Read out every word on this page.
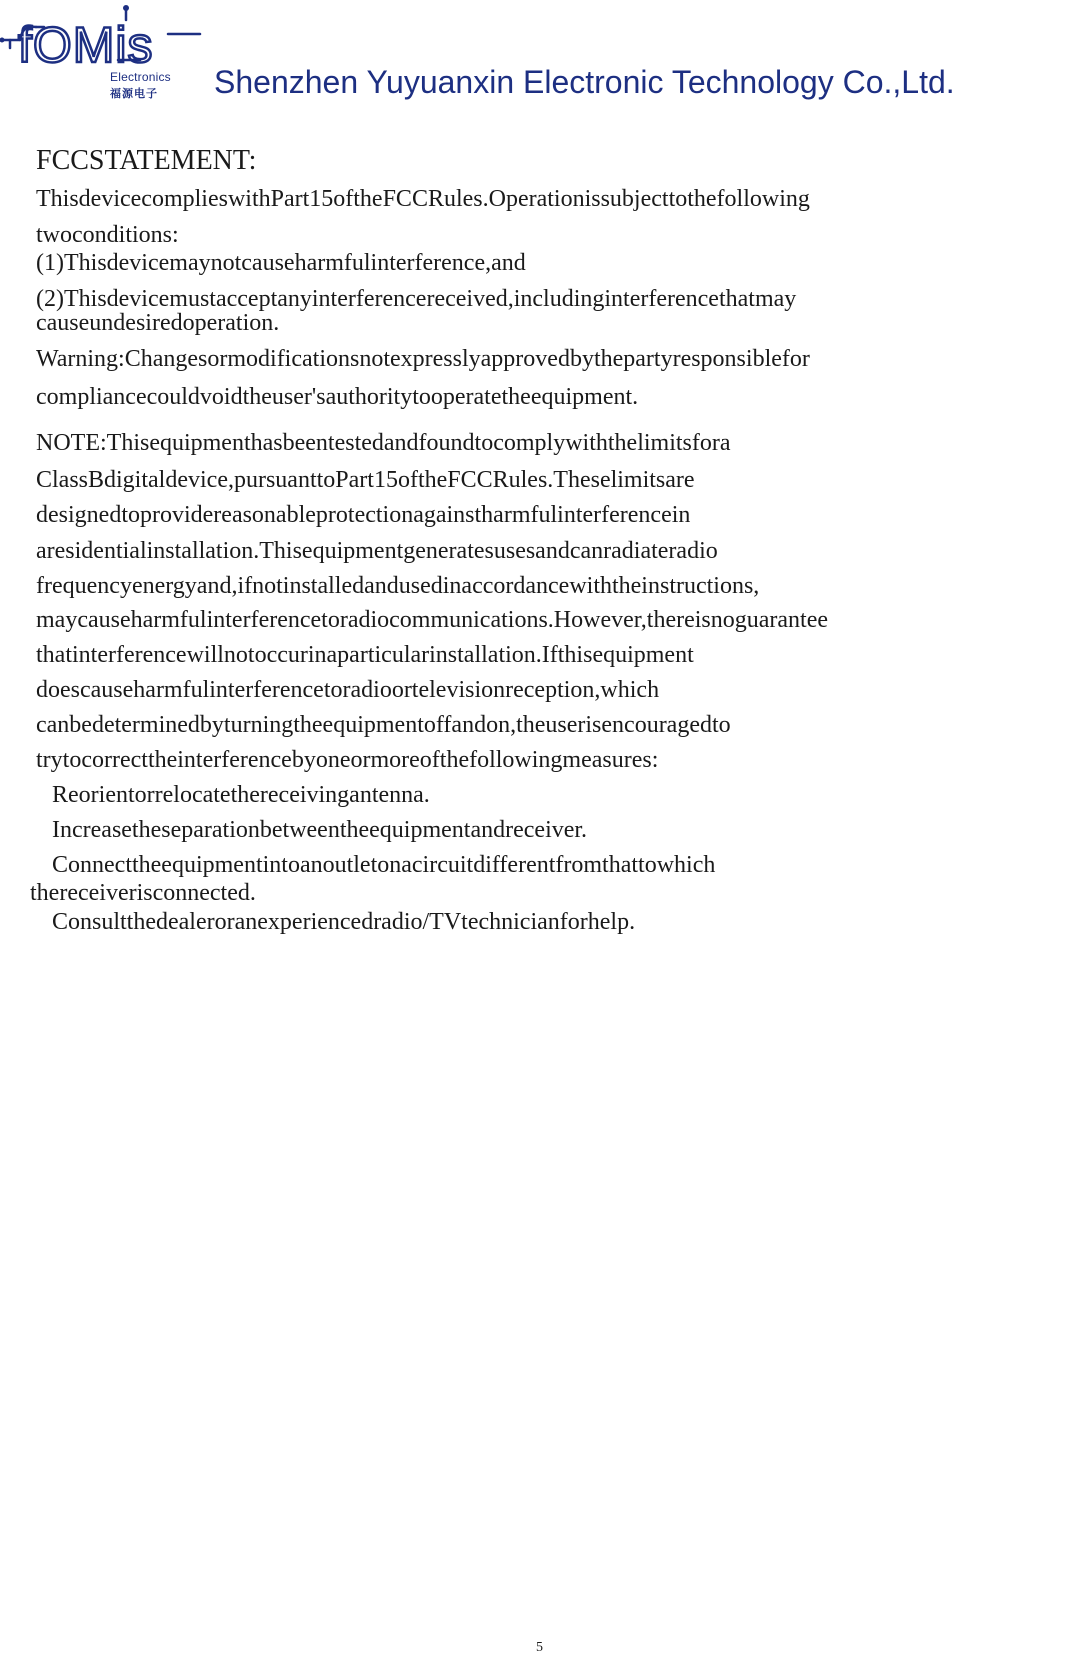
fOMis
Electronics
福源电子 Shenzhen Yuyuanxin Electronic Technology Co.,Ltd.
FCCSTATEMENT:
ThisdevicecomplieswithPart15oftheFCCRules.Operationissubjecttothefollowing
twoconditions:
(1)Thisdevicemaynotcauseharmfulinterference,and
(2)Thisdevicemustacceptanyinterferencereceived,includinginterferencethatmay
causeundesiredoperation.
Warning:Changesormodificationsnotexpresslyapprovedbythepartyresponsiblefor
compliancecouldvoidtheuser'sauthoritytooperatetheequipment.
NOTE:Thisequipmenthasbeentestedandfoundtocomplywiththelimitsfora
ClassBdigitaldevice,pursuanttoPart15oftheFCCRules.Theselimitsare
designedtoprovidereasonableprotectionagainstharmfulinterferencein
aresidentialinstallation.Thisequipmentgeneratesusesandcanradiateradio
frequencyenergyand,ifnotinstalledandusedinaccordancewiththeinstructions,
maycauseharmfulinterferencetoradiocommunications.However,thereisnoguarantee
thatinterferencewillnotoccurinaparticularinstallation.Ifthisequipment
doescauseharmfulinterferencetoradioortelevisionreception,which
canbedeterminedbyturningtheequipmentoffandon,theuserisencouragedto
trytocorrecttheinterferencebyoneormoreofthefollowingmeasures:
Reorientorrelocatethereceivingantenna.
Increasetheseparationbetweentheequipmentandreceiver.
Connecttheequipmentintoanoutletonacircuitdifferentfromthattowhich
thereceiverisconnected.
Consultthedealeroranexperiencedradio/TVtechnicianforhelp.
5
